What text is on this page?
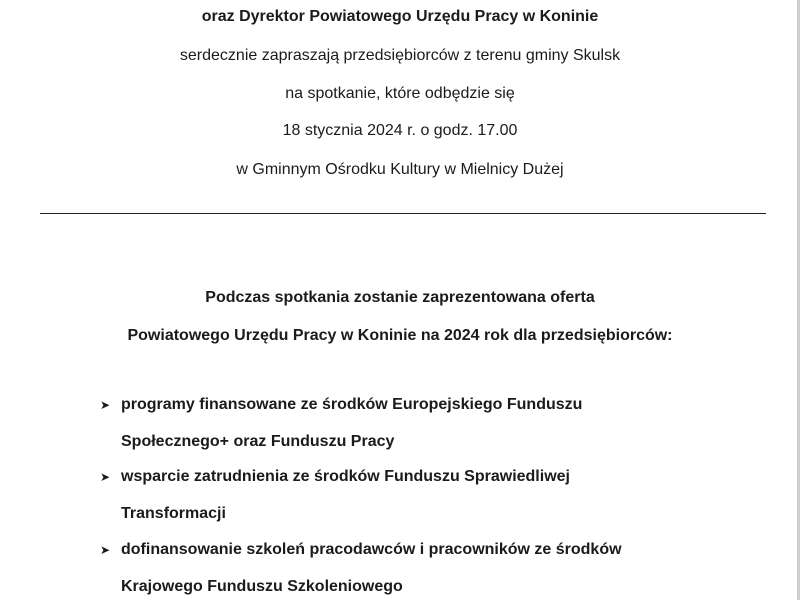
oraz Dyrektor Powiatowego Urzędu Pracy w Koninie
serdecznie zapraszają przedsiębiorców z terenu gminy Skulsk
na spotkanie, które odbędzie się
18 stycznia 2024 r. o godz. 17.00
w Gminnym Ośrodku Kultury w Mielnicy Dużej
Podczas spotkania zostanie zaprezentowana oferta
Powiatowego Urzędu Pracy w Koninie na 2024 rok dla przedsiębiorców:
➤ programy finansowane ze środków Europejskiego Funduszu
Społecznego+ oraz Funduszu Pracy
➤ wsparcie zatrudnienia ze środków Funduszu Sprawiedliwej
Transformacji
➤ dofinansowanie szkoleń pracodawców i pracowników ze środków
Krajowego Funduszu Szkoleniowego
